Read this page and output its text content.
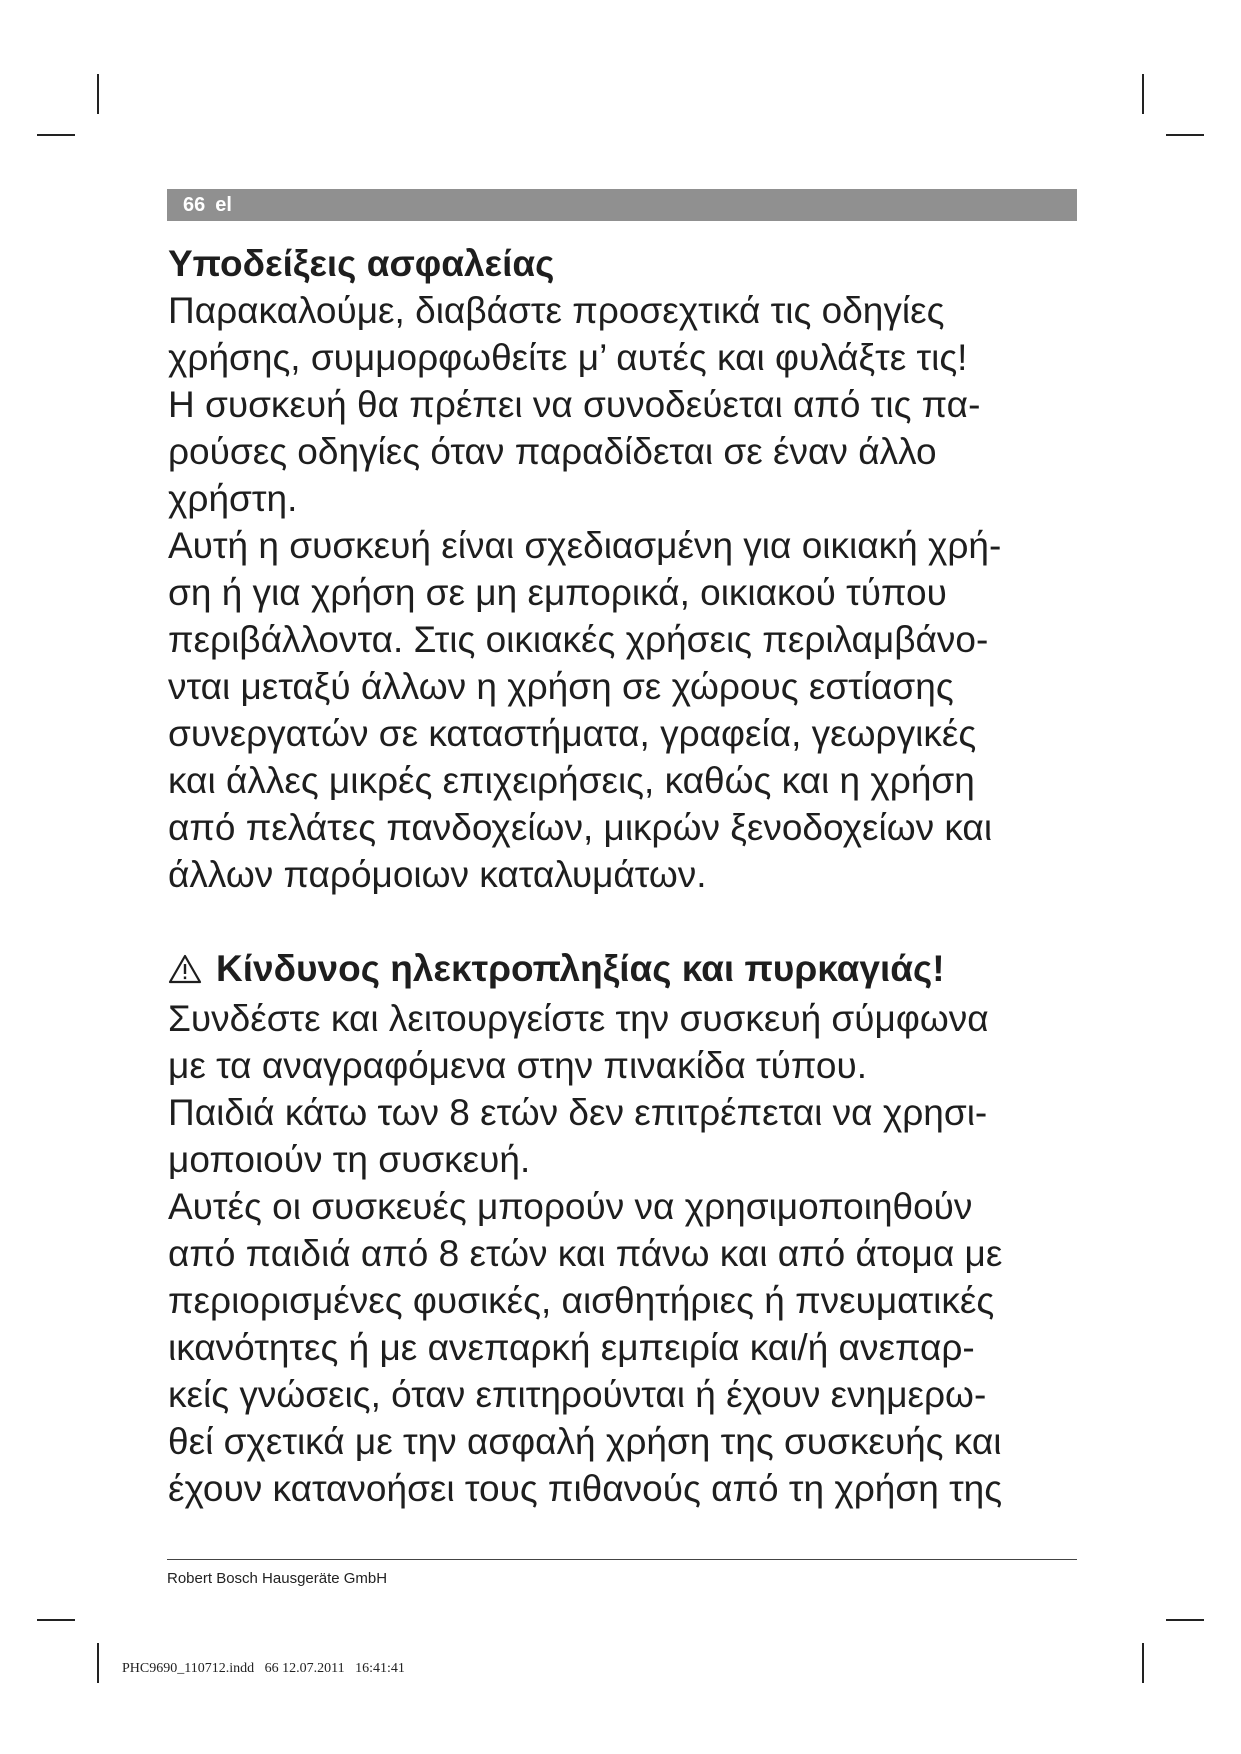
66 el
Υποδείξεις ασφαλείας

Παρακαλούμε, διαβάστε προσεχτικά τις οδηγίες

χρήσης, συμμορφωθείτε μ’ αυτές και φυλάξτε τις!

Η συσκευή θα πρέπει να συνοδεύεται από τις πα-

ρούσες οδηγίες όταν παραδίδεται σε έναν άλλο

χρήστη.

Αυτή η συσκευή είναι σχεδιασμένη για οικιακή χρή-

ση ή για χρήση σε μη εμπορικά, οικιακού τύπου

περιβάλλοντα. Στις οικιακές χρήσεις περιλαμβάνο-

νται μεταξύ άλλων η χρήση σε χώρους εστίασης

συνεργατών σε καταστήματα, γραφεία, γεωργικές

και άλλες μικρές επιχειρήσεις, καθώς και η χρήση

από πελάτες πανδοχείων, μικρών ξενοδοχείων και

άλλων παρόμοιων καταλυμάτων.

Κίνδυνος ηλεκτροπληξίας και πυρκαγιάς!

Συνδέστε και λειτουργείστε την συσκευή σύμφωνα

με τα αναγραφόμενα στην πινακίδα τύπου.

Παιδιά κάτω των 8 ετών δεν επιτρέπεται να χρησι-

μοποιούν τη συσκευή.

Αυτές οι συσκευές μπορούν να χρησιμοποιηθούν

από παιδιά από 8 ετών και πάνω και από άτομα με

περιορισμένες φυσικές, αισθητήριες ή πνευματικές

ικανότητες ή με ανεπαρκή εμπειρία και/ή ανεπαρ-

κείς γνώσεις, όταν επιτηρούνται ή έχουν ενημερω-

θεί σχετικά με την ασφαλή χρήση της συσκευής και

έχουν κατανοήσει τους πιθανούς από τη χρήση της

Robert Bosch Hausgeräte GmbH
PHC9690_110712.indd   66 12.07.2011   16:41:41
